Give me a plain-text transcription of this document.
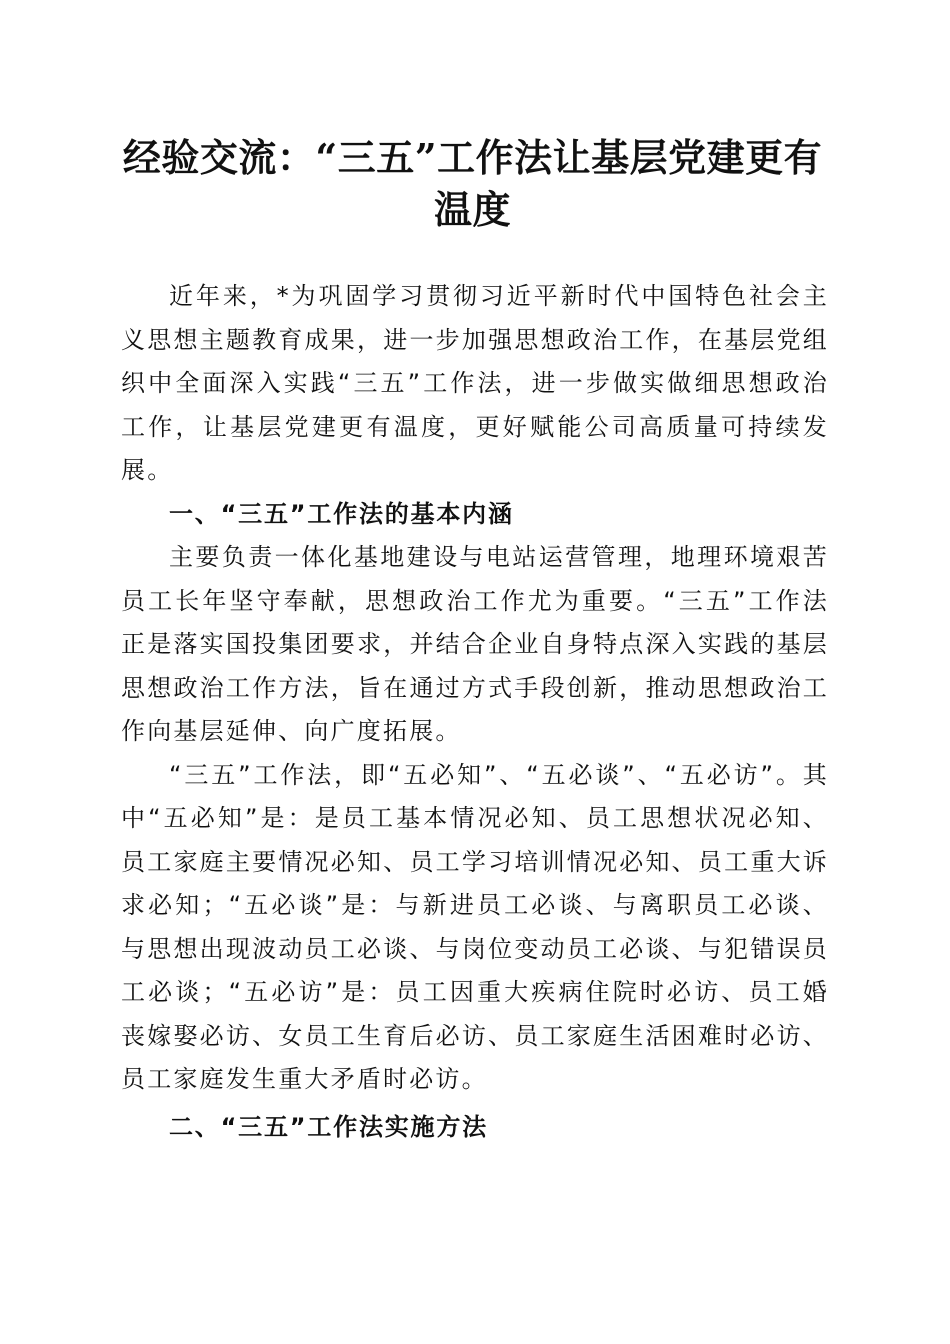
经验交流：“三五”工作法让基层党建更有温度

近年来，*为巩固学习贯彻习近平新时代中国特色社会主义思想主题教育成果，进一步加强思想政治工作，在基层党组织中全面深入实践“三五”工作法，进一步做实做细思想政治工作，让基层党建更有温度，更好赋能公司高质量可持续发展。

一、“三五”工作法的基本内涵

主要负责一体化基地建设与电站运营管理，地理环境艰苦员工长年坚守奉献，思想政治工作尤为重要。“三五”工作法正是落实国投集团要求，并结合企业自身特点深入实践的基层思想政治工作方法，旨在通过方式手段创新，推动思想政治工作向基层延伸、向广度拓展。

“三五”工作法，即“五必知”、“五必谈”、“五必访”。其中“五必知”是：是员工基本情况必知、员工思想状况必知、员工家庭主要情况必知、员工学习培训情况必知、员工重大诉求必知；“五必谈”是：与新进员工必谈、与离职员工必谈、与思想出现波动员工必谈、与岗位变动员工必谈、与犯错误员工必谈；“五必访”是：员工因重大疾病住院时必访、员工婚丧嫁娶必访、女员工生育后必访、员工家庭生活困难时必访、员工家庭发生重大矛盾时必访。

二、“三五”工作法实施方法
